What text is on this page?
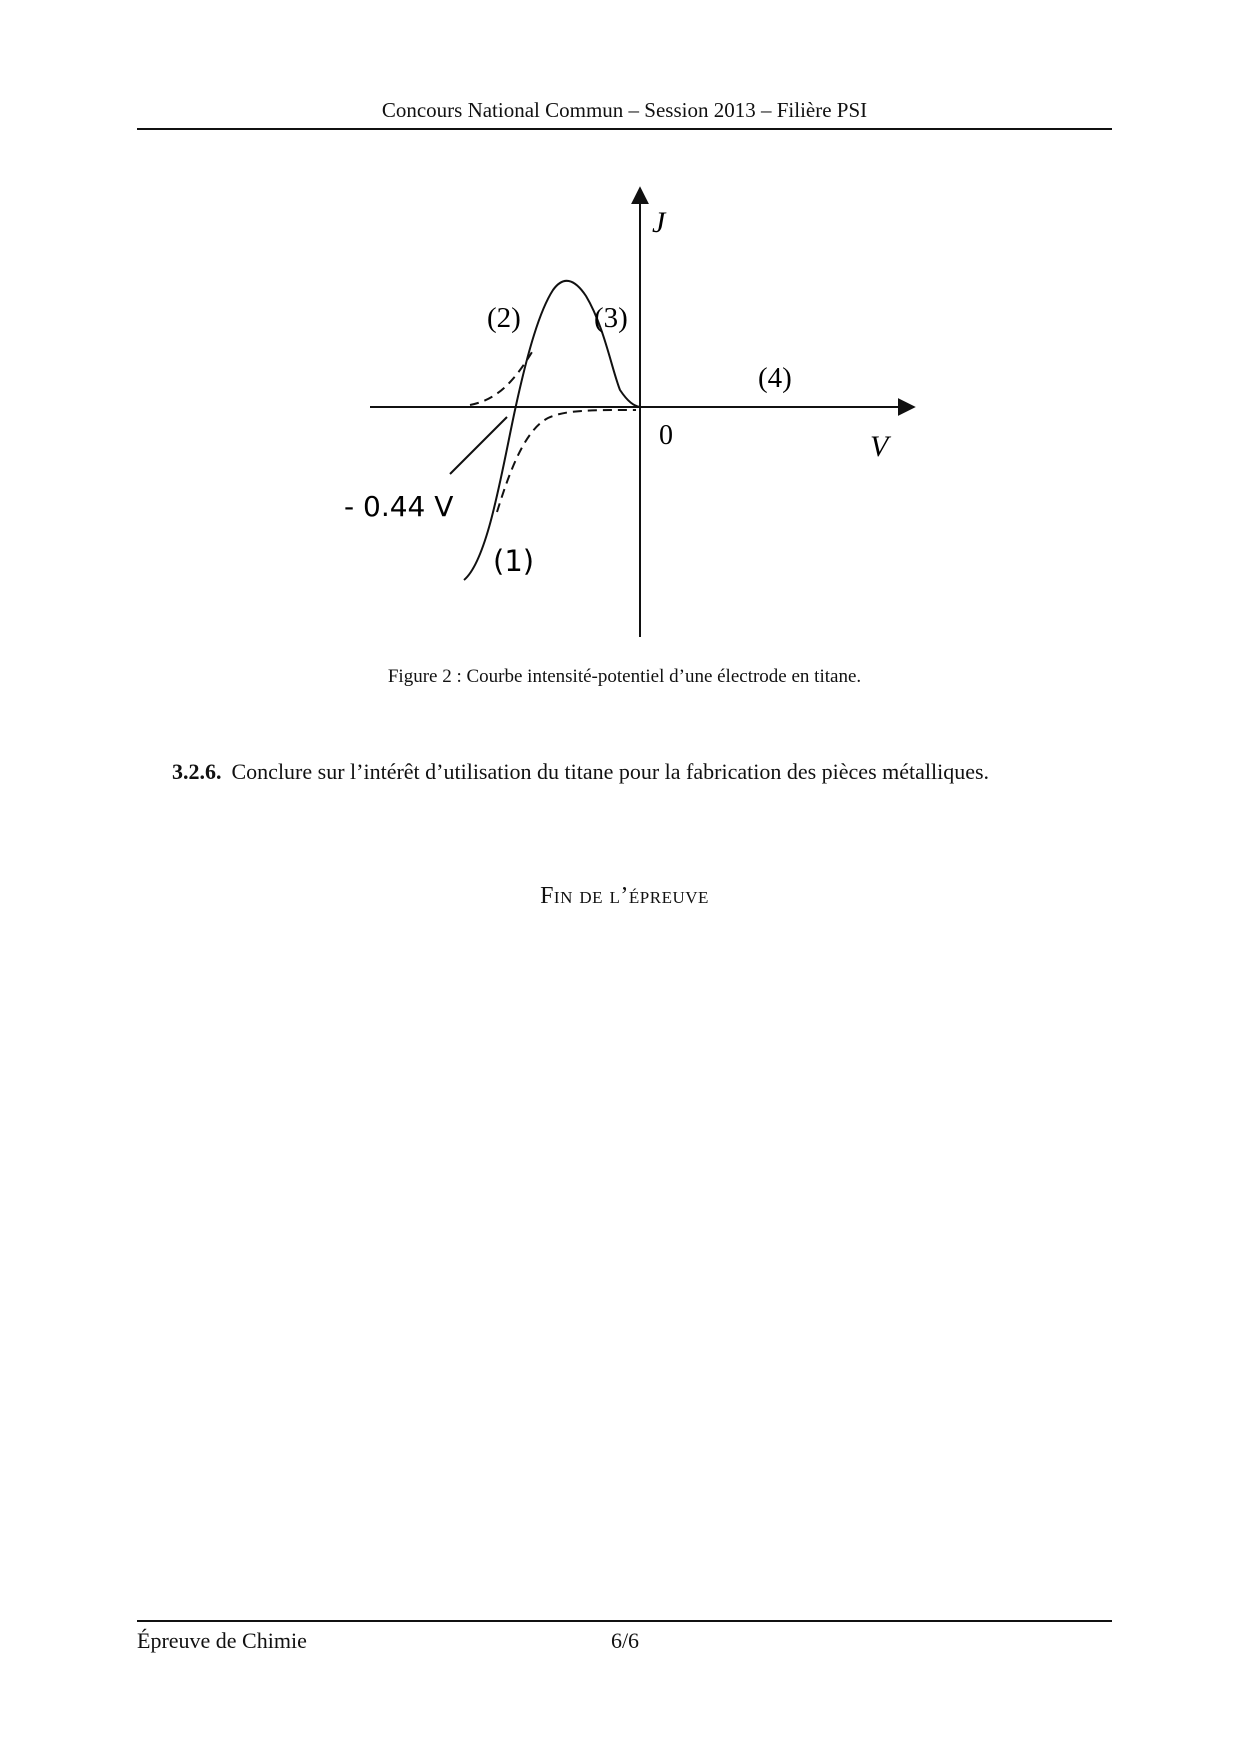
Concours National Commun – Session 2013 – Filière PSI
J
V
0
- 0.44 V
(1)
(2)	(3)
(4)
Figure 2 : Courbe intensité-potentiel d’une électrode en titane.
3.2.6. Conclure sur l’intérêt d’utilisation du titane pour la fabrication des pièces métalliques.
Fin de l’épreuve
Épreuve de Chimie	6/6
